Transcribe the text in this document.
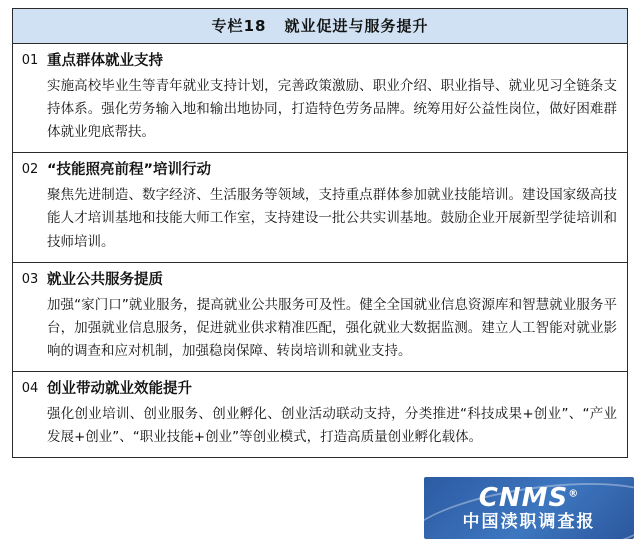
专栏18 就业促进与服务提升
01 重点群体就业支持
实施高校毕业生等青年就业支持计划，完善政策激励、职业介绍、职业指导、就业见习全链条支持体系。强化劳务输入地和输出地协同，打造特色劳务品牌。统筹用好公益性岗位，做好困难群体就业兜底帮扶。
02 “技能照亮前程”培训行动
聚焦先进制造、数字经济、生活服务等领域，支持重点群体参加就业技能培训。建设国家级高技能人才培训基地和技能大师工作室，支持建设一批公共实训基地。鼓励企业开展新型学徒培训和技师培训。
03 就业公共服务提质
加强“家门口”就业服务，提高就业公共服务可及性。健全全国就业信息资源库和智慧就业服务平台，加强就业信息服务，促进就业供求精准匹配，强化就业大数据监测。建立人工智能对就业影响的调查和应对机制，加强稳岗保障、转岗培训和就业支持。
04 创业带动就业效能提升
强化创业培训、创业服务、创业孵化、创业活动联动支持，分类推进“科技成果+创业”、“产业发展+创业”、“职业技能+创业”等创业模式，打造高质量创业孵化载体。
CNMS®
中国渎职调查报
